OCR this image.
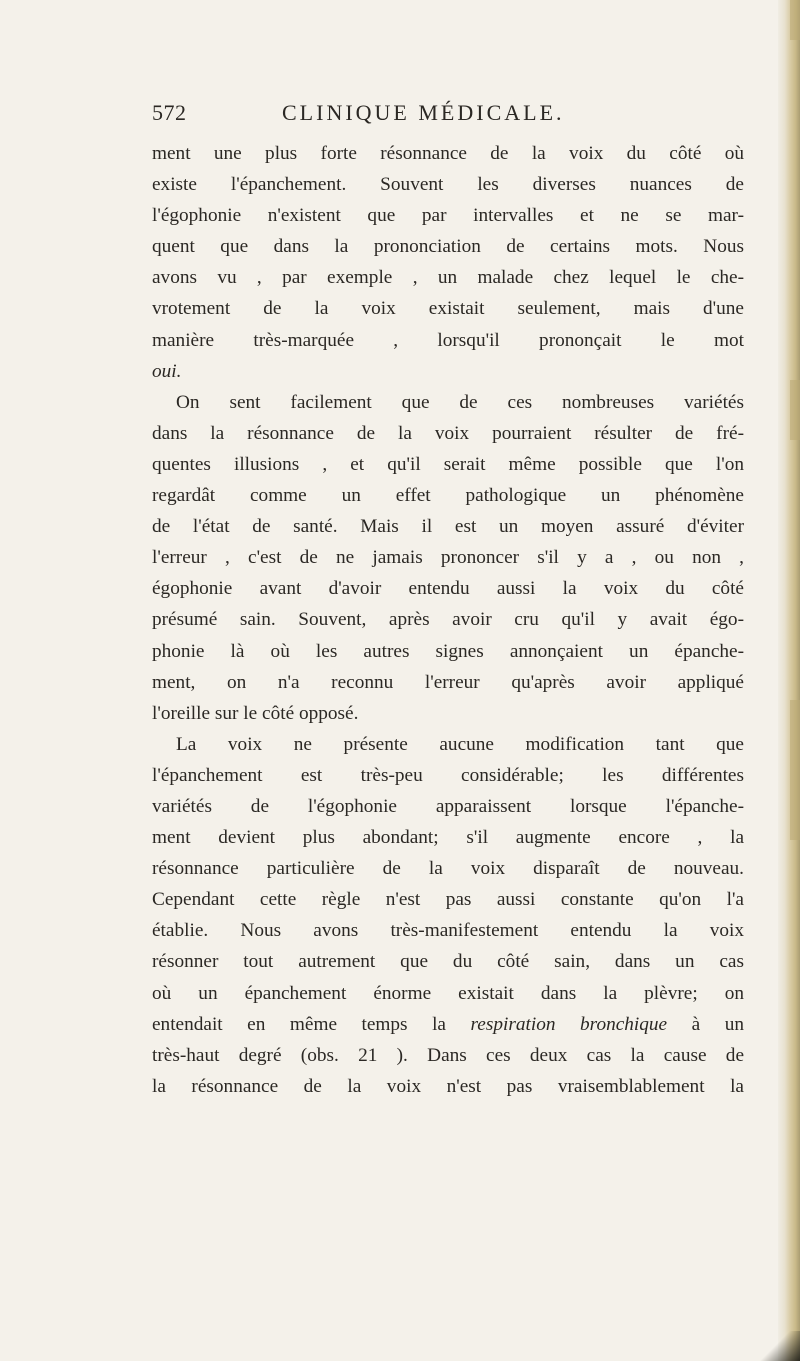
572	CLINIQUE MÉDICALE.
ment une plus forte résonnance de la voix du côté où
existe l'épanchement. Souvent les diverses nuances de
l'égophonie n'existent que par intervalles et ne se mar-
quent que dans la prononciation de certains mots. Nous
avons vu , par exemple , un malade chez lequel le che-
vrotement de la voix existait seulement, mais d'une
manière très-marquée , lorsqu'il prononçait le mot
oui.
On sent facilement que de ces nombreuses variétés
dans la résonnance de la voix pourraient résulter de fré-
quentes illusions , et qu'il serait même possible que l'on
regardât comme un effet pathologique un phénomène
de l'état de santé. Mais il est un moyen assuré d'éviter
l'erreur , c'est de ne jamais prononcer s'il y a , ou non ,
égophonie avant d'avoir entendu aussi la voix du côté
présumé sain. Souvent, après avoir cru qu'il y avait égo-
phonie là où les autres signes annonçaient un épanche-
ment, on n'a reconnu l'erreur qu'après avoir appliqué
l'oreille sur le côté opposé.
La voix ne présente aucune modification tant que
l'épanchement est très-peu considérable; les différentes
variétés de l'égophonie apparaissent lorsque l'épanche-
ment devient plus abondant; s'il augmente encore , la
résonnance particulière de la voix disparaît de nouveau.
Cependant cette règle n'est pas aussi constante qu'on l'a
établie. Nous avons très-manifestement entendu la voix
résonner tout autrement que du côté sain, dans un cas
où un épanchement énorme existait dans la plèvre; on
entendait en même temps la respiration bronchique à un
très-haut degré (obs. 21 ). Dans ces deux cas la cause de
la résonnance de la voix n'est pas vraisemblablement la
